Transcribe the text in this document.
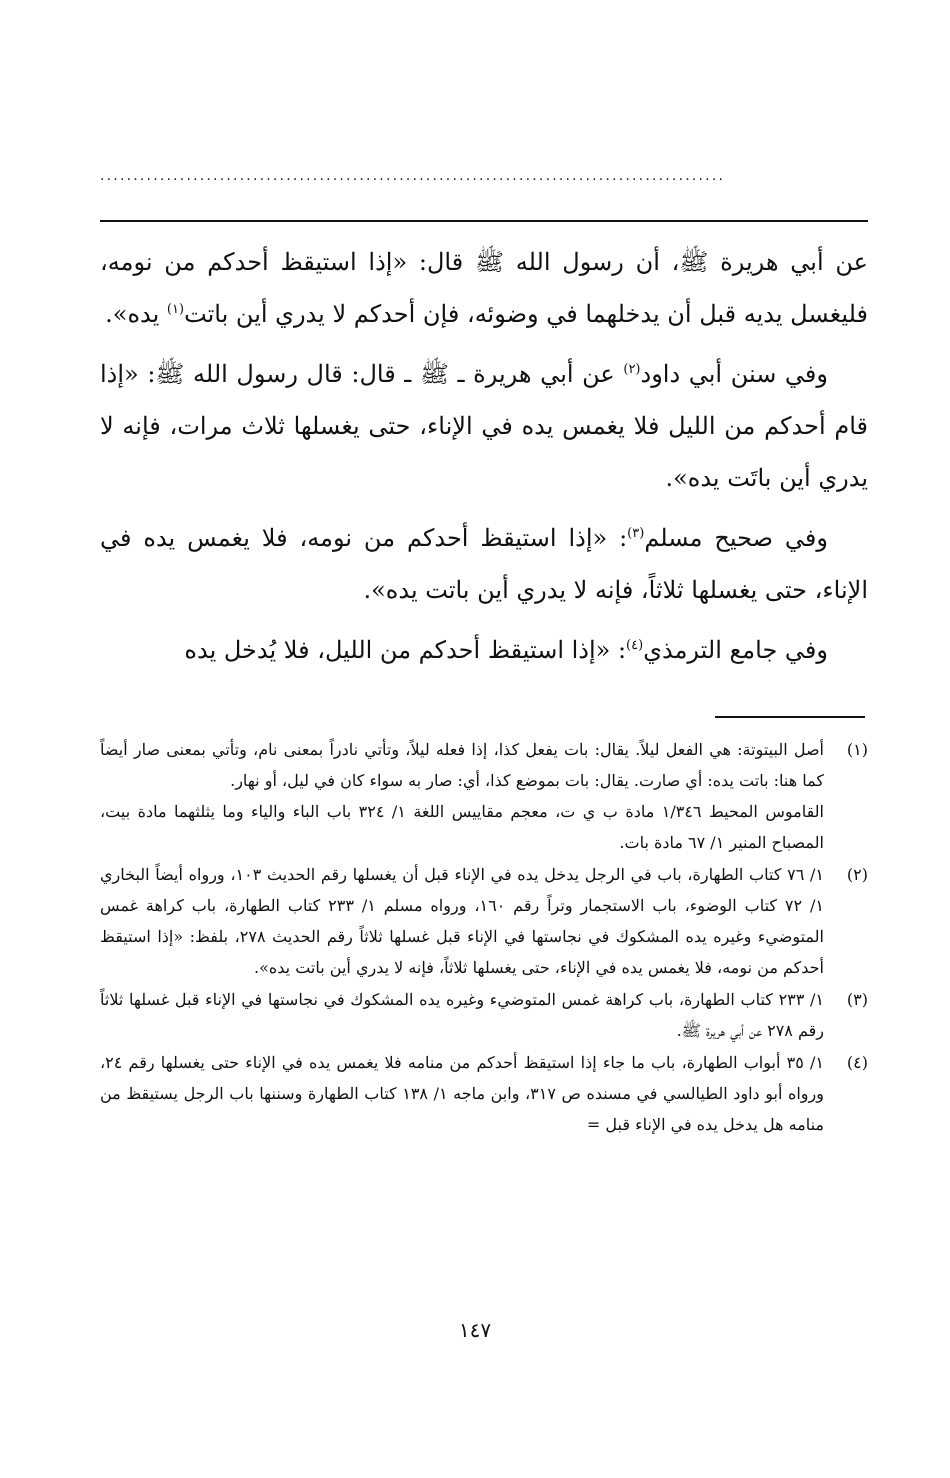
..............................................................................................

عن أبي هريرة ﷺ، أن رسول الله ﷺ قال: «إذا استيقظ أحدكم من نومه، فليغسل يديه قبل أن يدخلهما في وضوئه، فإن أحدكم لا يدري أين باتت$^{(١)}$ يده».

وفي سنن أبي داود$^{(٢)}$ عن أبي هريرة ـ ﷺ ـ قال: قال رسول الله ﷺ: «إذا قام أحدكم من الليل فلا يغمس يده في الإناء، حتى يغسلها ثلاث مرات، فإنه لا يدري أين باتَت يده».

وفي صحيح مسلم$^{(٣)}$: «إذا استيقظ أحدكم من نومه، فلا يغمس يده في الإناء، حتى يغسلها ثلاثاً، فإنه لا يدري أين باتت يده».

وفي جامع الترمذي$^{(٤)}$: «إذا استيقظ أحدكم من الليل، فلا يُدخل يده

(١)

أصل البيتوتة: هي الفعل ليلاً. يقال: بات يفعل كذا، إذا فعله ليلاً، وتأتي نادراً بمعنى نام، وتأتي بمعنى صار أيضاً كما هنا: باتت يده: أي صارت. يقال: بات بموضع كذا، أي: صار به سواء كان في ليل، أو نهار.

القاموس المحيط ١/٣٤٦ مادة ب ي ت، معجم مقاييس اللغة ١/ ٣٢٤ باب الباء والياء وما يثلثهما مادة بيت، المصباح المنير ١/ ٦٧ مادة بات.

(٢)

١/ ٧٦ كتاب الطهارة، باب في الرجل يدخل يده في الإناء قبل أن يغسلها رقم الحديث ١٠٣، ورواه أيضاً البخاري ١/ ٧٢ كتاب الوضوء، باب الاستجمار وتراً رقم ١٦٠، ورواه مسلم ١/ ٢٣٣ كتاب الطهارة، باب كراهة غمس المتوضيء وغيره يده المشكوك في نجاستها في الإناء قبل غسلها ثلاثاً رقم الحديث ٢٧٨، بلفظ: «إذا استيقظ أحدكم من نومه، فلا يغمس يده في الإناء، حتى يغسلها ثلاثاً، فإنه لا يدري أين باتت يده».

(٣)

١/ ٢٣٣ كتاب الطهارة، باب كراهة غمس المتوضيء وغيره يده المشكوك في نجاستها في الإناء قبل غسلها ثلاثاً رقم ٢٧٨ عن أبي هريرة ﷺ.

(٤)

١/ ٣٥ أبواب الطهارة، باب ما جاء إذا استيقظ أحدكم من منامه فلا يغمس يده في الإناء حتى يغسلها رقم ٢٤، ورواه أبو داود الطيالسي في مسنده ص ٣١٧، وابن ماجه ١/ ١٣٨ كتاب الطهارة وسننها باب الرجل يستيقظ من منامه هل يدخل يده في الإناء قبل =

١٤٧
